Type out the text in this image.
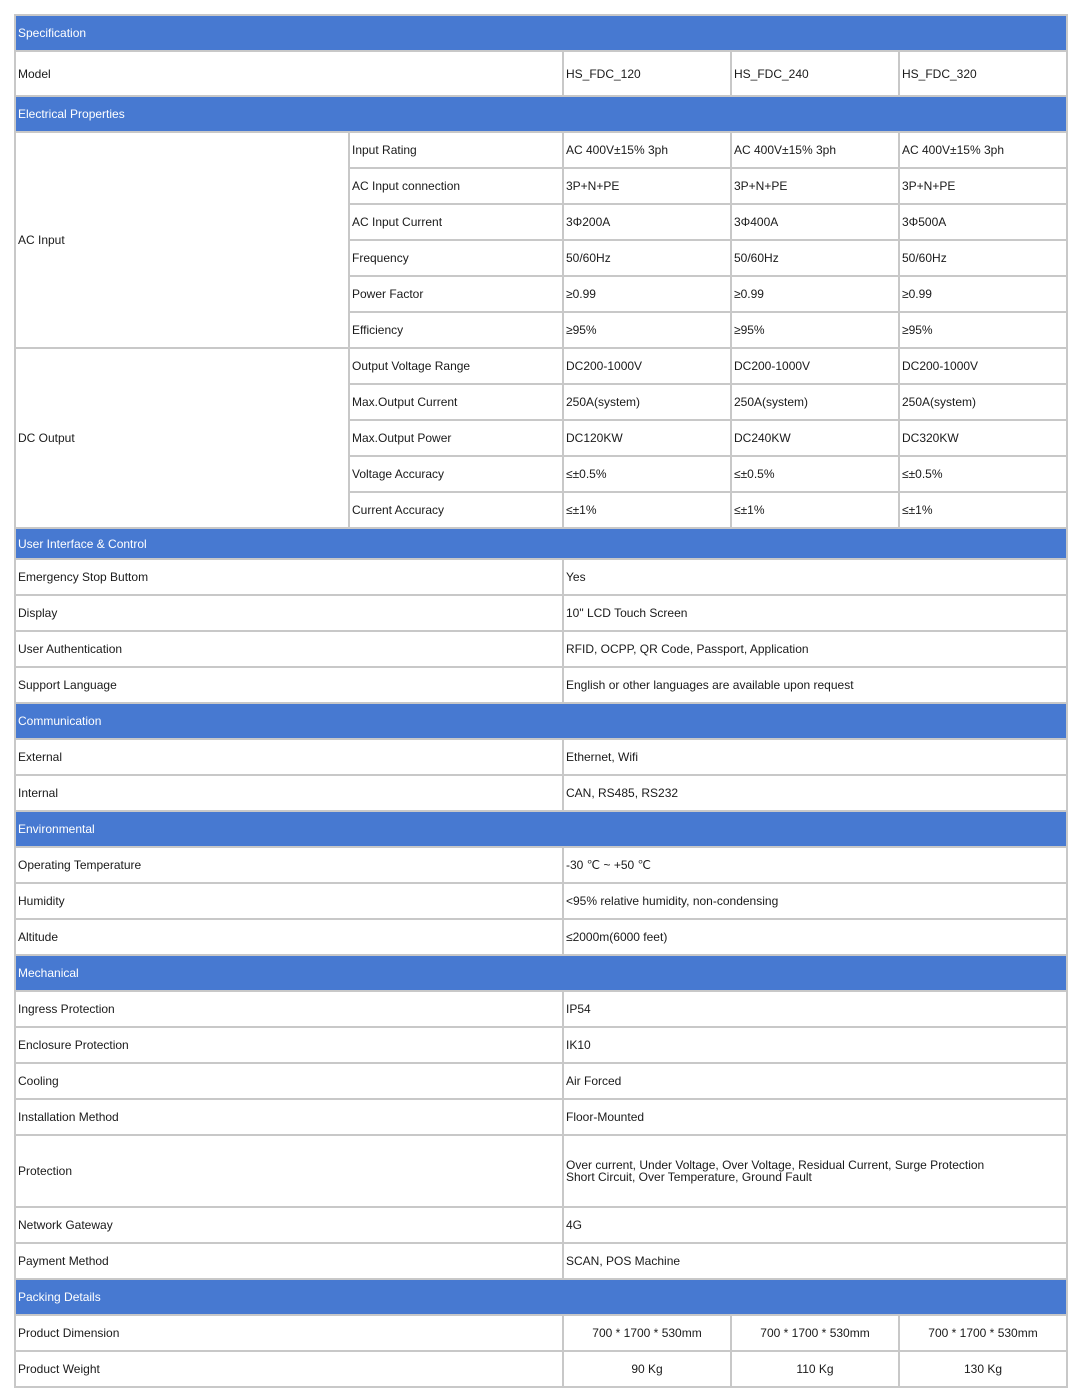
Specification				
Model		HS_FDC_120	HS_FDC_240	HS_FDC_320
Electrical Properties				
AC Input	Input Rating	AC 400V±15% 3ph	AC 400V±15% 3ph	AC 400V±15% 3ph
	AC Input connection	3P+N+PE	3P+N+PE	3P+N+PE
	AC Input Current	3Φ200A	3Φ400A	3Φ500A
	Frequency	50/60Hz	50/60Hz	50/60Hz
	Power Factor	≥0.99	≥0.99	≥0.99
	Efficiency	≥95%	≥95%	≥95%
DC Output	Output Voltage Range	DC200-1000V	DC200-1000V	DC200-1000V
	Max.Output Current	250A(system)	250A(system)	250A(system)
	Max.Output Power	DC120KW	DC240KW	DC320KW
	Voltage Accuracy	≤±0.5%	≤±0.5%	≤±0.5%
	Current Accuracy	≤±1%	≤±1%	≤±1%
User Interface & Control				
Emergency Stop Buttom		Yes		
Display		10" LCD Touch Screen		
User Authentication		RFID, OCPP, QR Code, Passport, Application		
Support Language		English or other languages are available upon request		
Communication				
External		Ethernet, Wifi		
Internal		CAN, RS485, RS232		
Environmental				
Operating Temperature		-30 ℃ ~ +50 ℃		
Humidity		<95% relative humidity, non-condensing		
Altitude		≤2000m(6000 feet)		
Mechanical				
Ingress Protection		IP54		
Enclosure Protection		IK10		
Cooling		Air Forced		
Installation Method		Floor-Mounted		
Protection		Over current, Under Voltage, Over Voltage, Residual Current, Surge Protection
Short Circuit, Over Temperature, Ground Fault		

Network Gateway		4G		
Payment Method		SCAN, POS Machine		
Packing Details				
Product Dimension		700 * 1700 * 530mm	700 * 1700 * 530mm	700 * 1700 * 530mm
Product Weight		90 Kg	110 Kg	130 Kg
